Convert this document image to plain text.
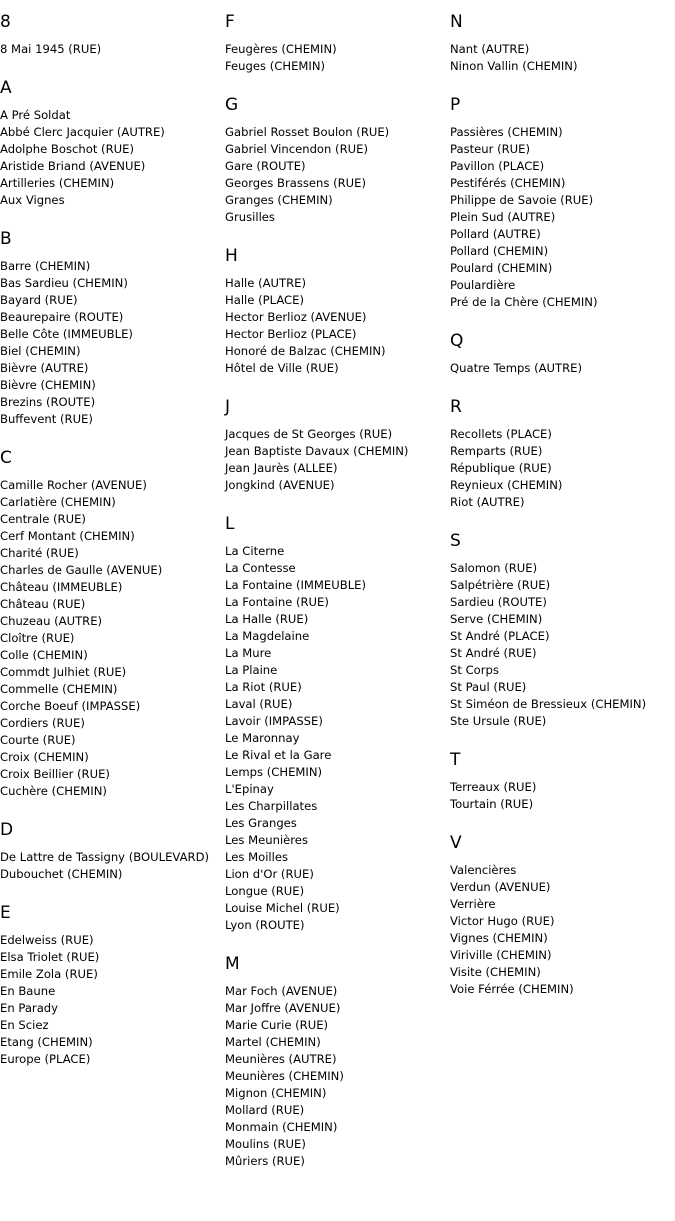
8
8 Mai 1945 (RUE)
A
A Pré Soldat
Abbé Clerc Jacquier (AUTRE)
Adolphe Boschot (RUE)
Aristide Briand (AVENUE)
Artilleries (CHEMIN)
Aux Vignes
B
Barre (CHEMIN)
Bas Sardieu (CHEMIN)
Bayard (RUE)
Beaurepaire (ROUTE)
Belle Côte (IMMEUBLE)
Biel (CHEMIN)
Bièvre (AUTRE)
Bièvre (CHEMIN)
Brezins (ROUTE)
Buffevent (RUE)
C
Camille Rocher (AVENUE)
Carlatière (CHEMIN)
Centrale (RUE)
Cerf Montant (CHEMIN)
Charité (RUE)
Charles de Gaulle (AVENUE)
Château (IMMEUBLE)
Château (RUE)
Chuzeau (AUTRE)
Cloître (RUE)
Colle (CHEMIN)
Commdt Julhiet (RUE)
Commelle (CHEMIN)
Corche Boeuf (IMPASSE)
Cordiers (RUE)
Courte (RUE)
Croix (CHEMIN)
Croix Beillier (RUE)
Cuchère (CHEMIN)
D
De Lattre de Tassigny (BOULEVARD)
Dubouchet (CHEMIN)
E
Edelweiss (RUE)
Elsa Triolet (RUE)
Emile Zola (RUE)
En Baune
En Parady
En Sciez
Etang (CHEMIN)
Europe (PLACE)
F
Feugères (CHEMIN)
Feuges (CHEMIN)
G
Gabriel Rosset Boulon (RUE)
Gabriel Vincendon (RUE)
Gare (ROUTE)
Georges Brassens (RUE)
Granges (CHEMIN)
Grusilles
H
Halle (AUTRE)
Halle (PLACE)
Hector Berlioz (AVENUE)
Hector Berlioz (PLACE)
Honoré de Balzac (CHEMIN)
Hôtel de Ville (RUE)
J
Jacques de St Georges (RUE)
Jean Baptiste Davaux (CHEMIN)
Jean Jaurès (ALLEE)
Jongkind (AVENUE)
L
La Citerne
La Contesse
La Fontaine (IMMEUBLE)
La Fontaine (RUE)
La Halle (RUE)
La Magdelaine
La Mure
La Plaine
La Riot (RUE)
Laval (RUE)
Lavoir (IMPASSE)
Le Maronnay
Le Rival et la Gare
Lemps (CHEMIN)
L'Epinay
Les Charpillates
Les Granges
Les Meunières
Les Moilles
Lion d'Or (RUE)
Longue (RUE)
Louise Michel (RUE)
Lyon (ROUTE)
M
Mar Foch (AVENUE)
Mar Joffre (AVENUE)
Marie Curie (RUE)
Martel (CHEMIN)
Meunières (AUTRE)
Meunières (CHEMIN)
Mignon (CHEMIN)
Mollard (RUE)
Monmain (CHEMIN)
Moulins (RUE)
Mûriers (RUE)
N
Nant (AUTRE)
Ninon Vallin (CHEMIN)
P
Passières (CHEMIN)
Pasteur (RUE)
Pavillon (PLACE)
Pestiférés (CHEMIN)
Philippe de Savoie (RUE)
Plein Sud (AUTRE)
Pollard (AUTRE)
Pollard (CHEMIN)
Poulard (CHEMIN)
Poulardière
Pré de la Chère (CHEMIN)
Q
Quatre Temps (AUTRE)
R
Recollets (PLACE)
Remparts (RUE)
République (RUE)
Reynieux (CHEMIN)
Riot (AUTRE)
S
Salomon (RUE)
Salpétrière (RUE)
Sardieu (ROUTE)
Serve (CHEMIN)
St André (PLACE)
St André (RUE)
St Corps
St Paul (RUE)
St Siméon de Bressieux (CHEMIN)
Ste Ursule (RUE)
T
Terreaux (RUE)
Tourtain (RUE)
V
Valencières
Verdun (AVENUE)
Verrière
Victor Hugo (RUE)
Vignes (CHEMIN)
Viriville (CHEMIN)
Visite (CHEMIN)
Voie Férrée (CHEMIN)
